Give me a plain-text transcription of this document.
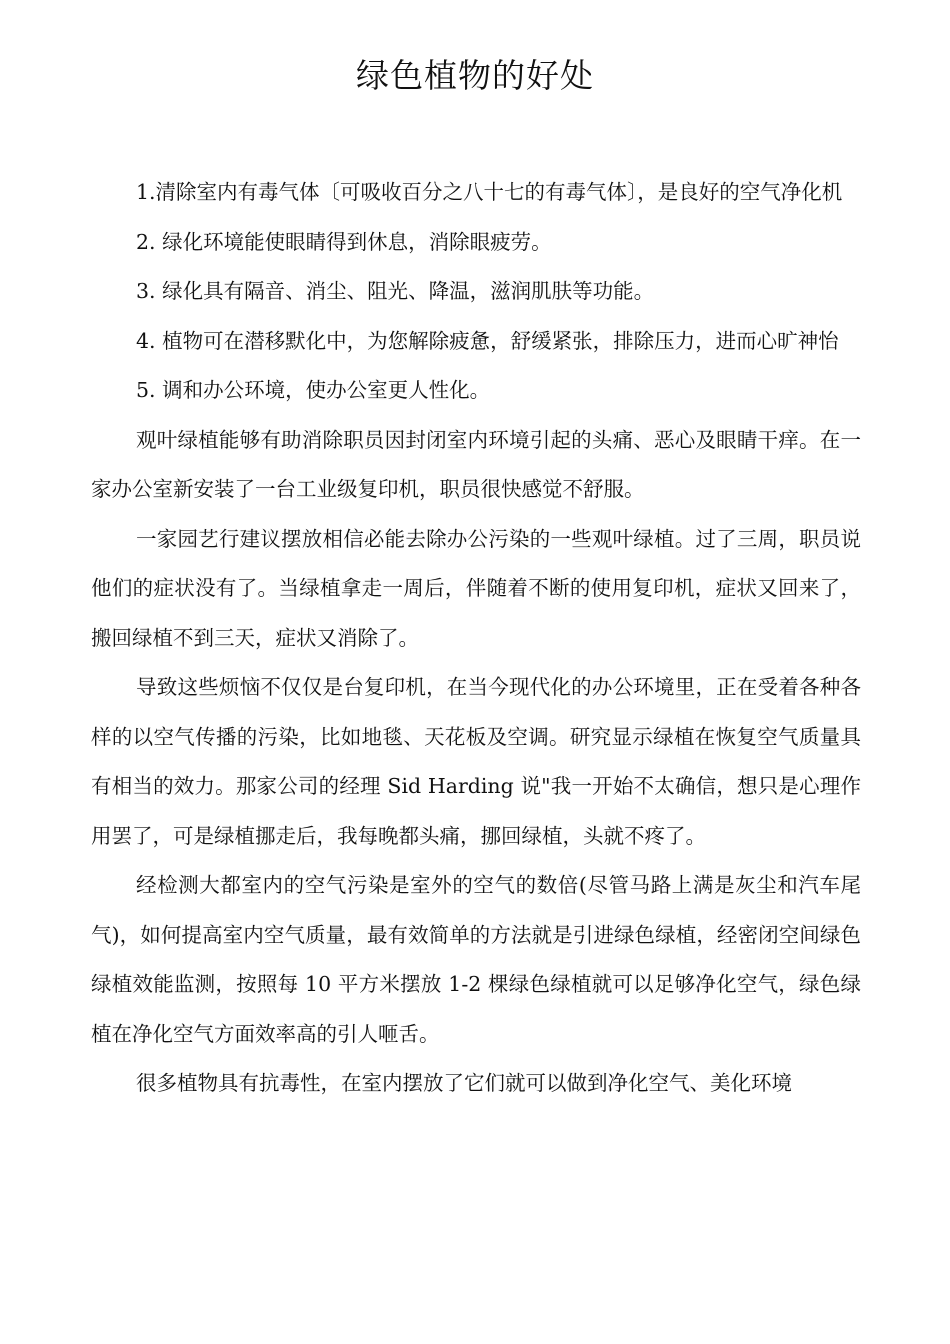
绿色植物的好处

1.清除室内有毒气体〔可吸收百分之八十七的有毒气体〕，是良好的空气净化机

2. 绿化环境能使眼睛得到休息，消除眼疲劳。

3. 绿化具有隔音、消尘、阻光、降温，滋润肌肤等功能。

4. 植物可在潜移默化中，为您解除疲惫，舒缓紧张，排除压力，进而心旷神怡

5. 调和办公环境，使办公室更人性化。

观叶绿植能够有助消除职员因封闭室内环境引起的头痛、恶心及眼睛干痒。在一家办公室新安装了一台工业级复印机，职员很快感觉不舒服。

一家园艺行建议摆放相信必能去除办公污染的一些观叶绿植。过了三周，职员说他们的症状没有了。当绿植拿走一周后，伴随着不断的使用复印机，症状又回来了，搬回绿植不到三天，症状又消除了。

导致这些烦恼不仅仅是台复印机，在当今现代化的办公环境里，正在受着各种各样的以空气传播的污染，比如地毯、天花板及空调。研究显示绿植在恢复空气质量具有相当的效力。那家公司的经理 Sid Harding 说"我一开始不太确信，想只是心理作用罢了，可是绿植挪走后，我每晚都头痛，挪回绿植，头就不疼了。

经检测大都室内的空气污染是室外的空气的数倍(尽管马路上满是灰尘和汽车尾气)，如何提高室内空气质量，最有效简单的方法就是引进绿色绿植，经密闭空间绿色绿植效能监测，按照每 10 平方米摆放 1-2 棵绿色绿植就可以足够净化空气，绿色绿植在净化空气方面效率高的引人咂舌。

很多植物具有抗毒性，在室内摆放了它们就可以做到净化空气、美化环境
